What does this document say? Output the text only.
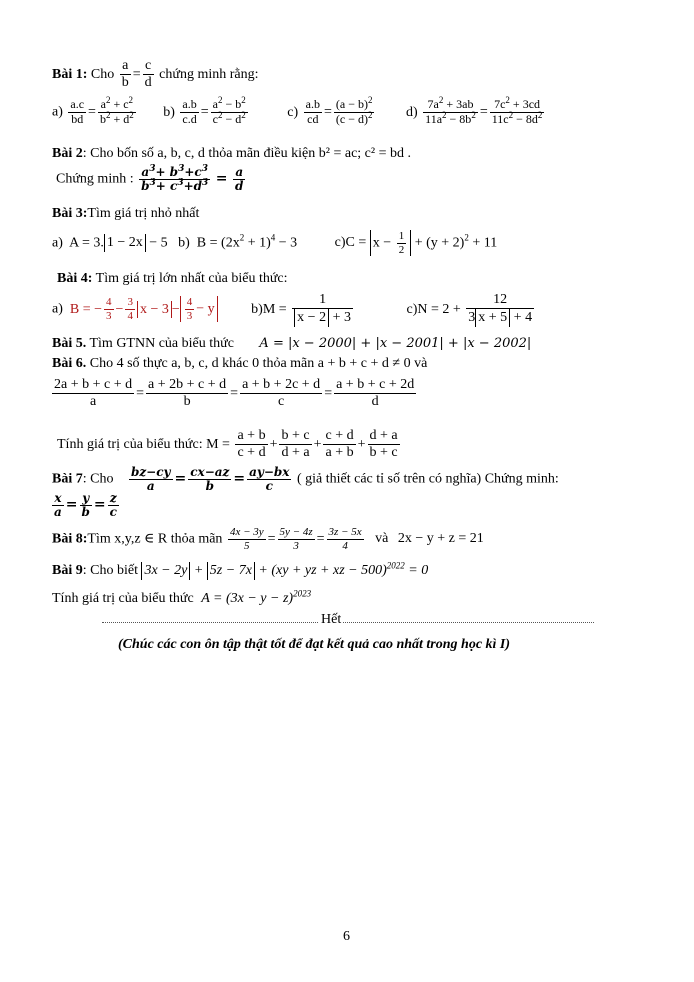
Bài 1: Cho $\frac{a}{b} = \frac{c}{d}$ chứng minh rằng:
$a) \frac{a.c}{bd} = \frac{a^2 + c^2}{b^2 + d^2} b) \frac{a.b}{c.d} = \frac{a^2 - b^2}{c^2 - d^2}$	$c) \frac{a.b}{cd} = \frac{(a - b)^2}{(c - d)^2} d) \frac{7a^2 + 3ab}{11a^2 - 8b^2} = \frac{7c^2 + 3cd}{11c^2 - 8d^2}$
Bài 2: Cho bốn số a, b, c, d thỏa mãn điều kiện b² = ac; c² = bd .
Chứng minh : $\frac{a^3+ b^3+c^3}{b^3+ c^3+d^3} = \frac{a}{d}$
Bài 3:Tìm giá trị nhỏ nhất
a)  A = 3. 1 − 2x − 5   b)  $B = (2x^2 + 1)^4 - 3$ $c)C = x - \frac{1}{2} + (y + 2)^2 + 11$
Bài 4: Tìm giá trị lớn nhất của biểu thức:
a)  B = − $\frac{4}{3} - \frac{3}{4}$ $x - 3 - \frac{4}{3} - y$	$b)M = \frac{1}{x - 2 + 3}$	$c)N = 2 + \frac{12}{3 x + 5 + 4}$
Bài 5. Tìm GTNN của biểu thức A = |x − 2000| + |x − 2001| + |x − 2002|
Bài 6. Cho 4 số thực a, b, c, d khác 0 thỏa mãn a + b + c + d ≠ 0 và
$\frac{2a + b + c + d}{a} = \frac{a + 2b + c + d}{b} = \frac{a + b + 2c + d}{c} = \frac{a + b + c + 2d}{d}$
Tính giá trị của biểu thức: $M = \frac{a + b}{c + d} + \frac{b + c}{d + a} + \frac{c + d}{a + b} + \frac{d + a}{b + c}$
Bài 7: Cho $\frac{bz-cy}{a} = \frac{cx-az}{b} = \frac{ay-bx}{c}$ ( giả thiết các tỉ số trên có nghĩa) Chứng minh:
$\frac{x}{a} = \frac{y}{b} = \frac{z}{c}$
Bài 8:Tìm x,y,z ∈ R thỏa mãn $\frac{4x - 3y}{5} = \frac{5y - 4z}{3} = \frac{3z - 5x}{4}$ và 2x − y + z = 21
Bài 9: Cho biết 3x − 2y + 5z − 7x + (xy + yz + xz − 500)$^{2022}$ = 0
Tính giá trị của biểu thức $A = (3x - y - z)^{2023}$
Hết
(Chúc các con ôn tập thật tốt để đạt kết quả cao nhất trong học kì I)
6
